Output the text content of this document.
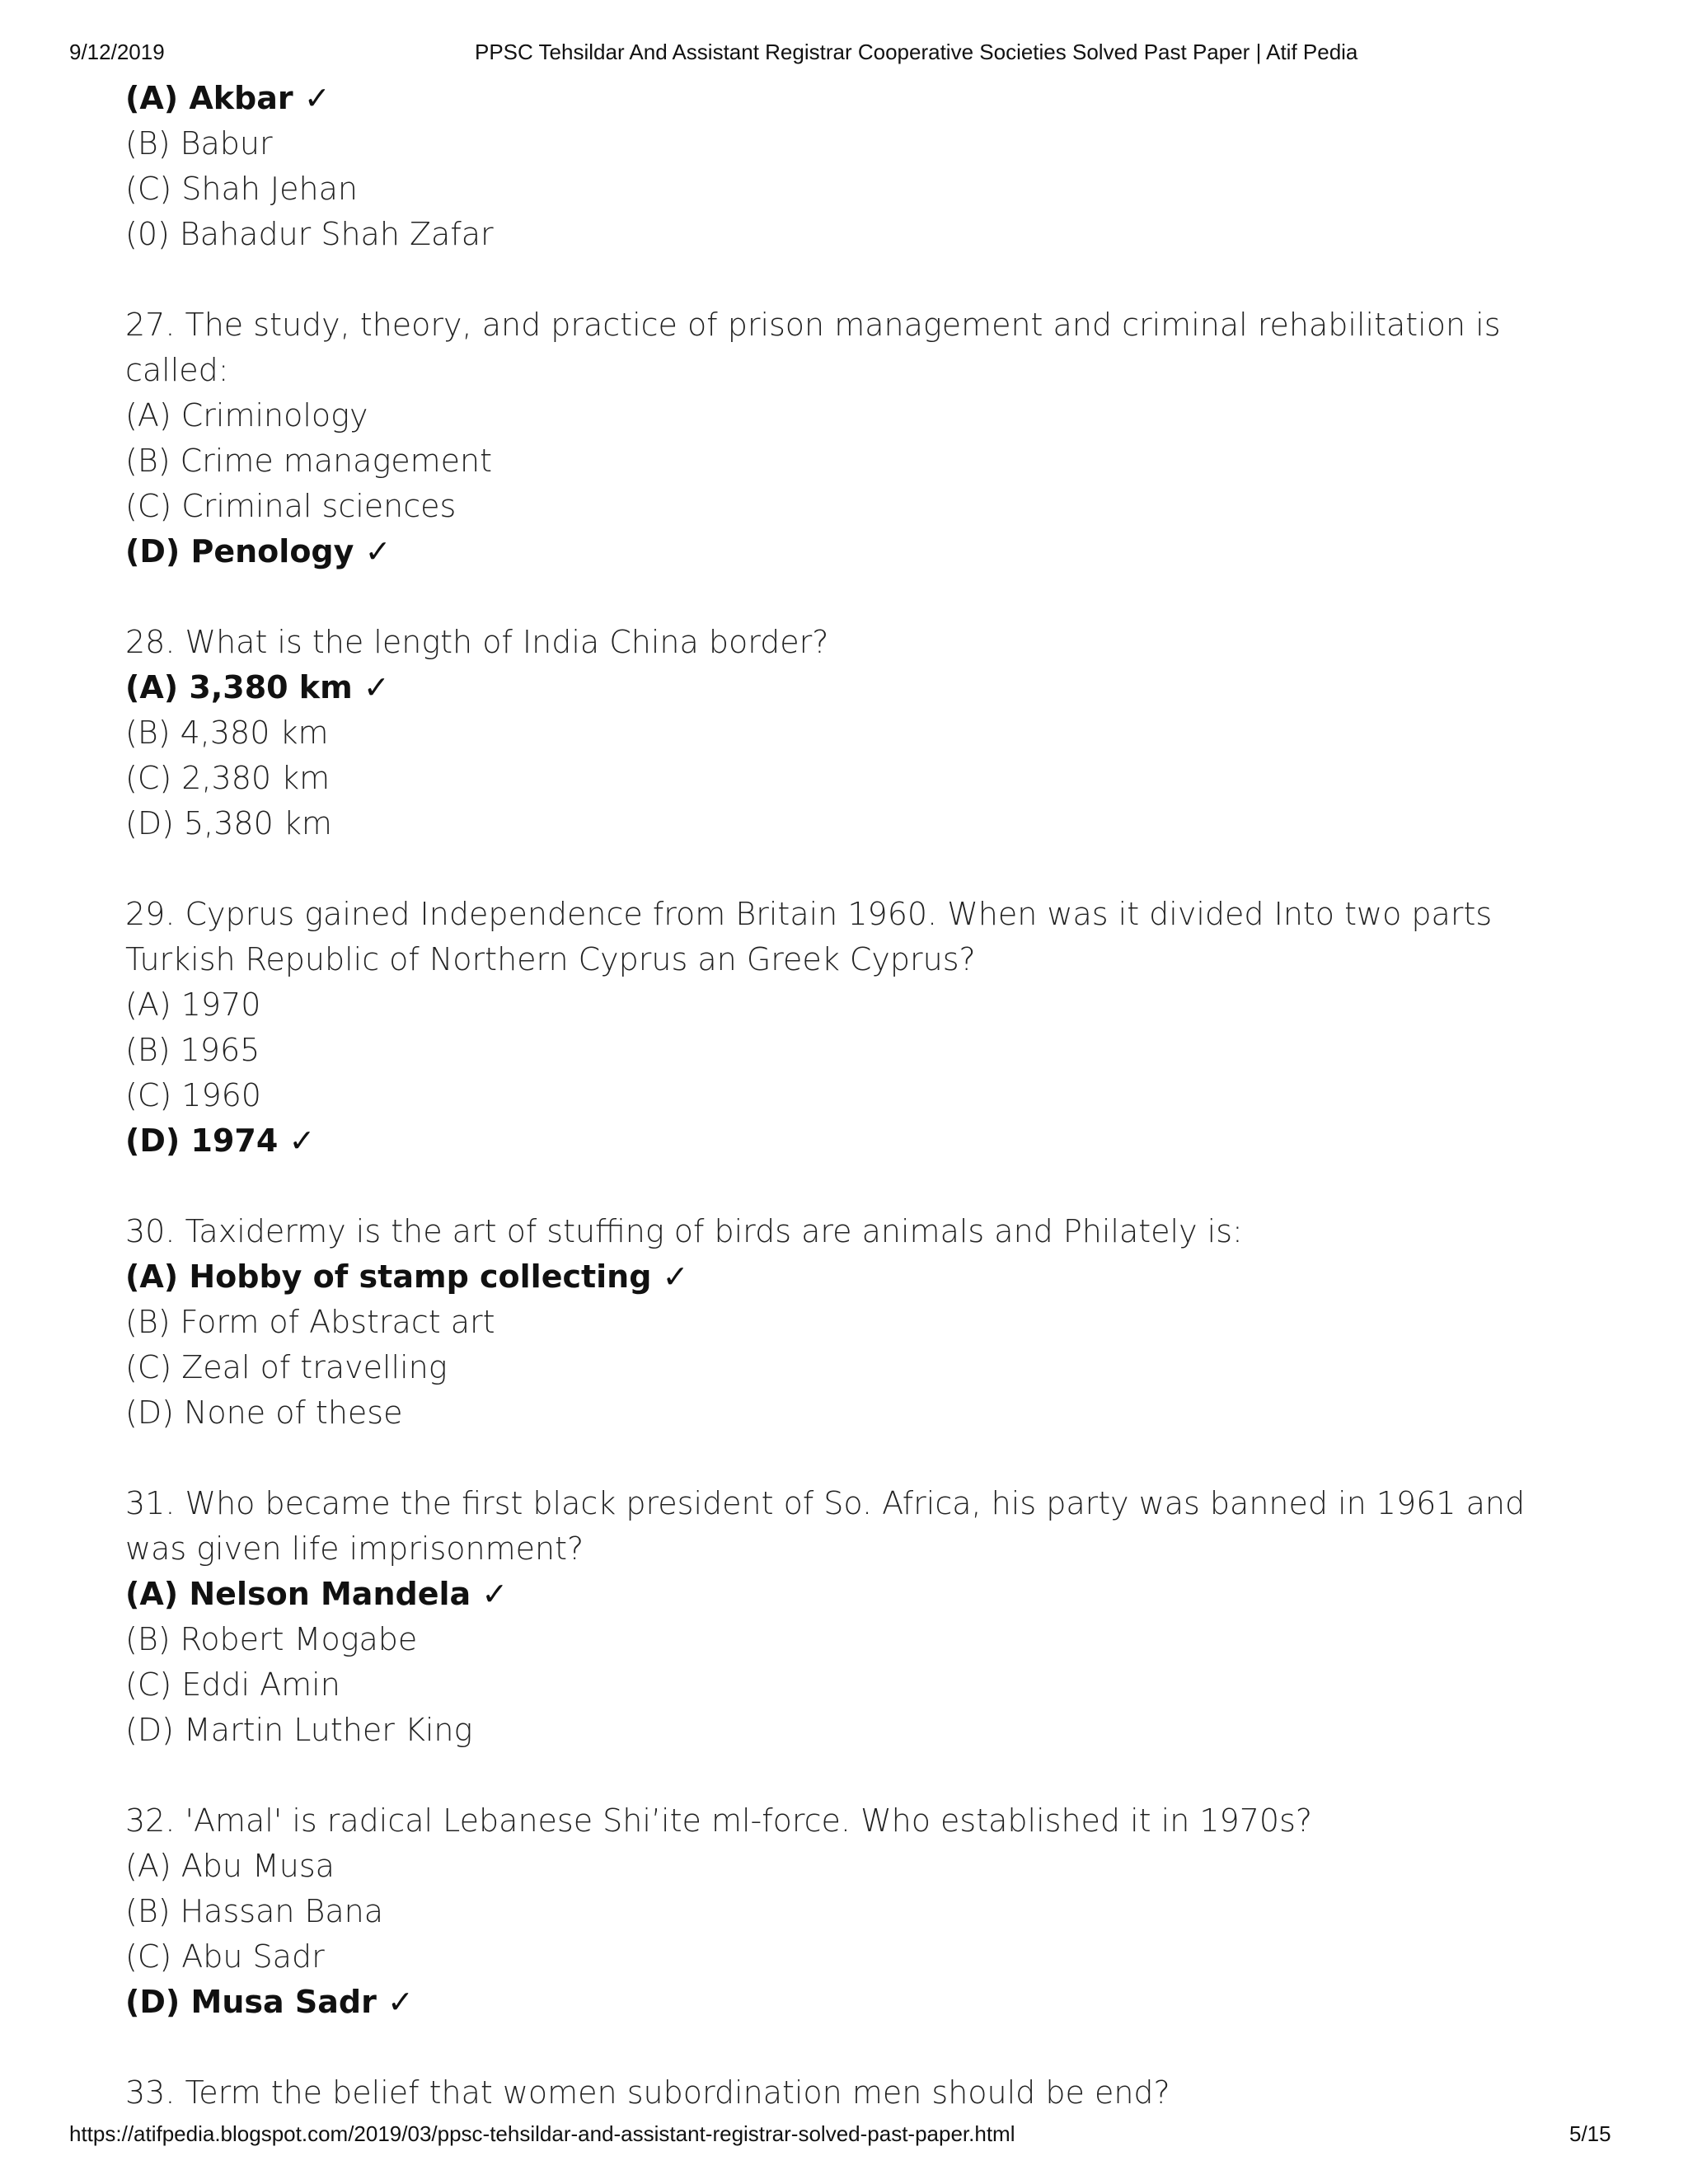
9/12/2019	PPSC Tehsildar And Assistant Registrar Cooperative Societies Solved Past Paper | Atif Pedia
(A) Akbar ✓
(B) Babur
(C) Shah Jehan
(0) Bahadur Shah Zafar
27. The study, theory, and practice of prison management and criminal rehabilitation is called:
(A) Criminology
(B) Crime management
(C) Criminal sciences
(D) Penology ✓
28. What is the length of India China border?
(A) 3,380 km ✓
(B) 4,380 km
(C) 2,380 km
(D) 5,380 km
29. Cyprus gained Independence from Britain 1960. When was it divided Into two parts Turkish Republic of Northern Cyprus an Greek Cyprus?
(A) 1970
(B) 1965
(C) 1960
(D) 1974 ✓
30. Taxidermy is the art of stuffing of birds are animals and Philately is:
(A) Hobby of stamp collecting ✓
(B) Form of Abstract art
(C) Zeal of travelling
(D) None of these
31. Who became the first black president of So. Africa, his party was banned in 1961 and was given life imprisonment?
(A) Nelson Mandela ✓
(B) Robert Mogabe
(C) Eddi Amin
(D) Martin Luther King
32. 'Amal' is radical Lebanese Shi’ite ml-force. Who established it in 1970s?
(A) Abu Musa
(B) Hassan Bana
(C) Abu Sadr
(D) Musa Sadr ✓
33. Term the belief that women subordination men should be end?
https://atifpedia.blogspot.com/2019/03/ppsc-tehsildar-and-assistant-registrar-solved-past-paper.html	5/15
